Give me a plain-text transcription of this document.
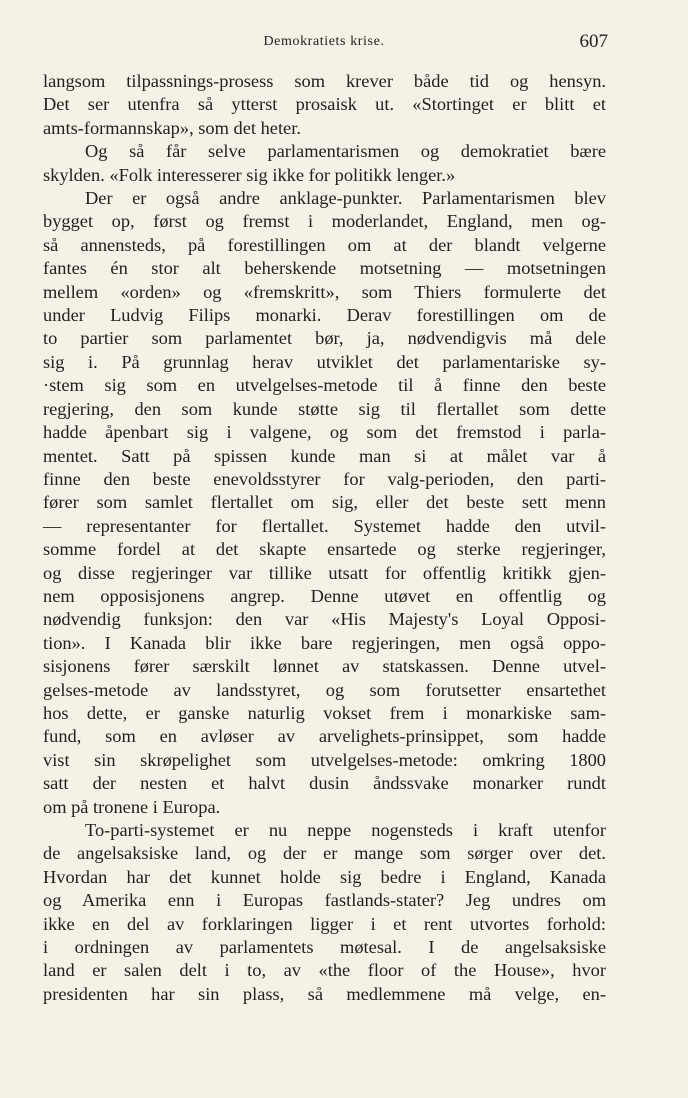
Demokratiets krise.	607
langsom tilpassnings-prosess som krever både tid og hensyn.
Det ser utenfra så ytterst prosaisk ut. «Stortinget er blitt et
amts-formannskap», som det heter.
Og så får selve parlamentarismen og demokratiet bære
skylden. «Folk interesserer sig ikke for politikk lenger.»
Der er også andre anklage-punkter. Parlamentarismen blev
bygget op, først og fremst i moderlandet, England, men og-
så annensteds, på forestillingen om at der blandt velgerne
fantes én stor alt beherskende motsetning — motsetningen
mellem «orden» og «fremskritt», som Thiers formulerte det
under Ludvig Filips monarki. Derav forestillingen om de
to partier som parlamentet bør, ja, nødvendigvis må dele
sig i. På grunnlag herav utviklet det parlamentariske sy-
·stem sig som en utvelgelses-metode til å finne den beste
regjering, den som kunde støtte sig til flertallet som dette
hadde åpenbart sig i valgene, og som det fremstod i parla-
mentet. Satt på spissen kunde man si at målet var å
finne den beste enevoldsstyrer for valg-perioden, den parti-
fører som samlet flertallet om sig, eller det beste sett menn
— representanter for flertallet. Systemet hadde den utvil-
somme fordel at det skapte ensartede og sterke regjeringer,
og disse regjeringer var tillike utsatt for offentlig kritikk gjen-
nem opposisjonens angrep. Denne utøvet en offentlig og
nødvendig funksjon: den var «His Majesty's Loyal Opposi-
tion». I Kanada blir ikke bare regjeringen, men også oppo-
sisjonens fører særskilt lønnet av statskassen. Denne utvel-
gelses-metode av landsstyret, og som forutsetter ensartethet
hos dette, er ganske naturlig vokset frem i monarkiske sam-
fund, som en avløser av arvelighets-prinsippet, som hadde
vist sin skrøpelighet som utvelgelses-metode: omkring 1800
satt der nesten et halvt dusin åndssvake monarker rundt
om på tronene i Europa.
To-parti-systemet er nu neppe nogensteds i kraft utenfor
de angelsaksiske land, og der er mange som sørger over det.
Hvordan har det kunnet holde sig bedre i England, Kanada
og Amerika enn i Europas fastlands-stater? Jeg undres om
ikke en del av forklaringen ligger i et rent utvortes forhold:
i ordningen av parlamentets møtesal. I de angelsaksiske
land er salen delt i to, av «the floor of the House», hvor
presidenten har sin plass, så medlemmene må velge, en-
